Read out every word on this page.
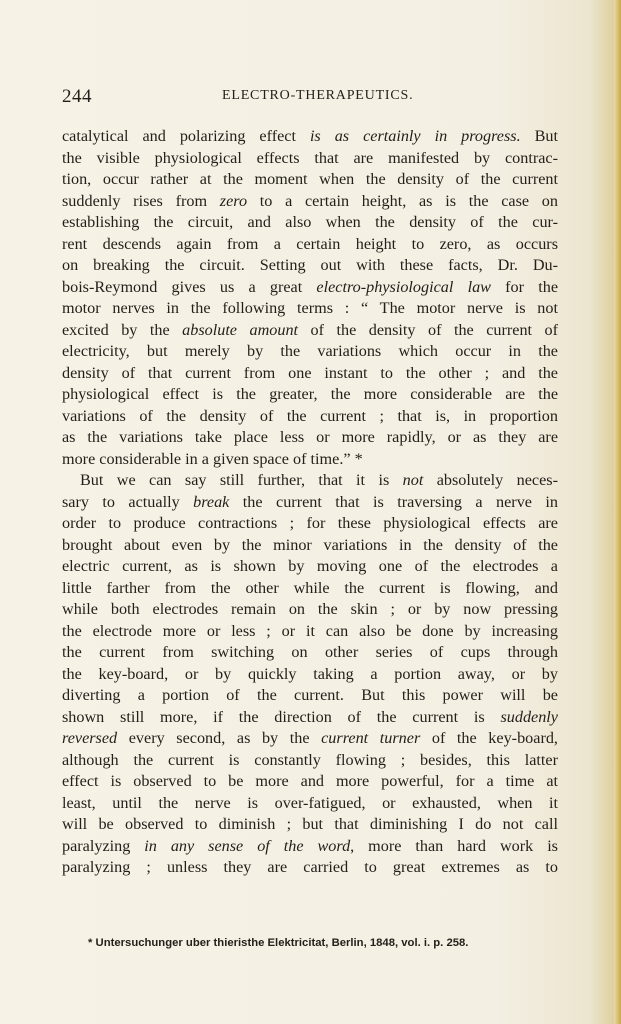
244	ELECTRO-THERAPEUTICS.
catalytical and polarizing effect is as certainly in progress. But
the visible physiological effects that are manifested by contrac-
tion, occur rather at the moment when the density of the current
suddenly rises from zero to a certain height, as is the case on
establishing the circuit, and also when the density of the cur-
rent descends again from a certain height to zero, as occurs
on breaking the circuit. Setting out with these facts, Dr. Du-
bois-Reymond gives us a great electro-physiological law for the
motor nerves in the following terms : “ The motor nerve is not
excited by the absolute amount of the density of the current of
electricity, but merely by the variations which occur in the
density of that current from one instant to the other ; and the
physiological effect is the greater, the more considerable are the
variations of the density of the current ; that is, in proportion
as the variations take place less or more rapidly, or as they are
more considerable in a given space of time.” *
But we can say still further, that it is not absolutely neces-
sary to actually break the current that is traversing a nerve in
order to produce contractions ; for these physiological effects are
brought about even by the minor variations in the density of the
electric current, as is shown by moving one of the electrodes a
little farther from the other while the current is flowing, and
while both electrodes remain on the skin ; or by now pressing
the electrode more or less ; or it can also be done by increasing
the current from switching on other series of cups through
the key-board, or by quickly taking a portion away, or by
diverting a portion of the current. But this power will be
shown still more, if the direction of the current is suddenly
reversed every second, as by the current turner of the key-board,
although the current is constantly flowing ; besides, this latter
effect is observed to be more and more powerful, for a time at
least, until the nerve is over-fatigued, or exhausted, when it
will be observed to diminish ; but that diminishing I do not call
paralyzing in any sense of the word, more than hard work is
paralyzing ; unless they are carried to great extremes as to
* Untersuchunger uber thieristhe Elektricitat, Berlin, 1848, vol. i. p. 258.
